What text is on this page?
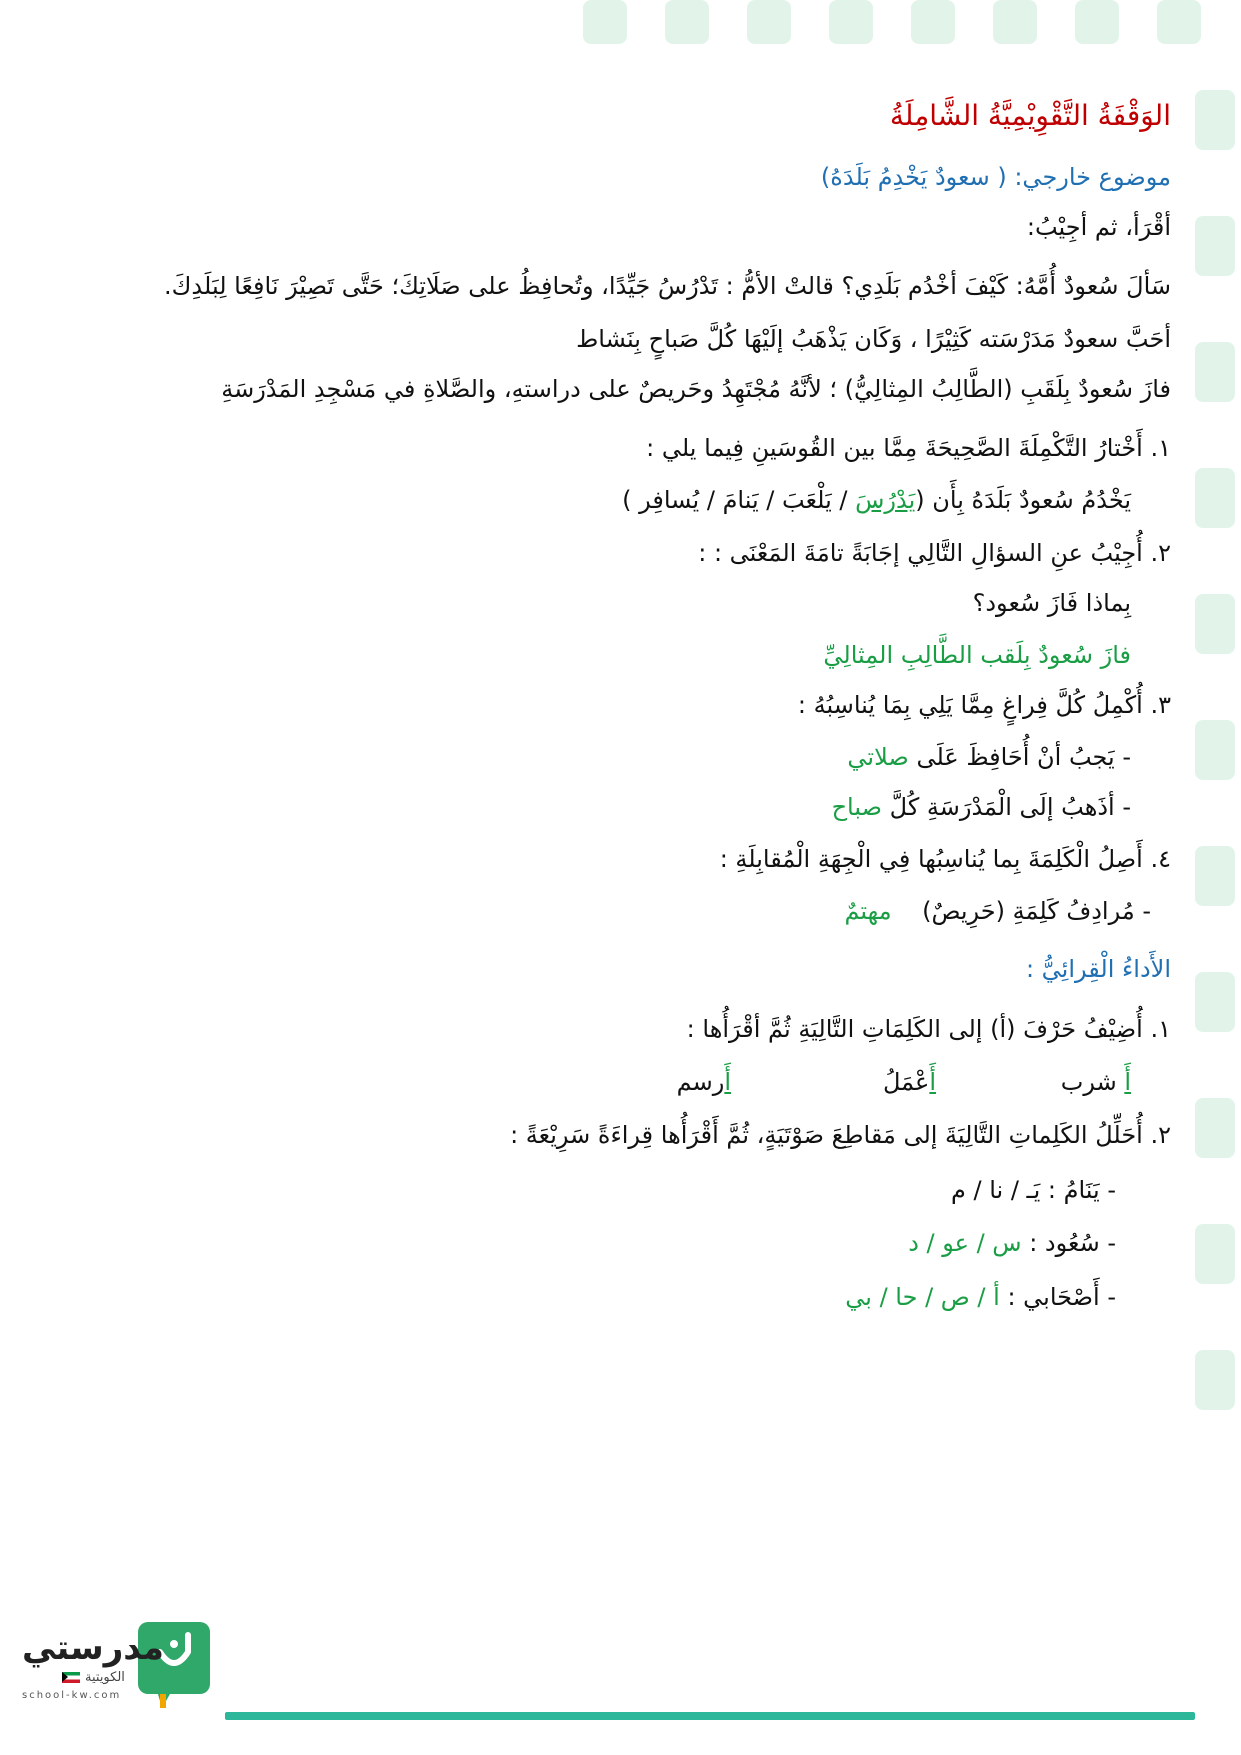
الوَقْفَةُ التَّقْوِيْمِيَّةُ الشَّامِلَةُ
موضوع خارجي: ( سعودٌ يَخْدِمُ بَلَدَهُ)
أقْرَأ، ثم أجِيْبُ:
سَألَ سُعودٌ أُمَّهُ: كَيْفَ أخْدُم بَلَدِي؟ قالتْ الأمُّ : تَدْرُسُ جَيِّدًا، وتُحافِظُ على صَلَاتِكَ؛ حَتَّى تَصِيْرَ نَافِعًا لِبَلَدِكَ.
أحَبَّ سعودٌ مَدَرْسَته كَثِيْرًا ، وَكَان يَذْهَبُ إلَيْهَا كُلَّ صَباحٍ بِنَشاط
فازَ سُعودٌ بِلَقَبِ (الطَّالِبُ المِثالِيُّ) ؛ لأنَّهُ مُجْتَهِدُ وحَريصٌ على دراستهِ، والصَّلاةِ في مَسْجِدِ المَدْرَسَةِ
١. أَخْتارُ التَّكْمِلَةَ الصَّحِيحَةَ مِمَّا بين القُوسَينِ فِيما يلي :
يَخْدُمُ سُعودٌ بَلَدَهُ بِأَن (يَدْرُسَ / يَلْعَبَ / يَنامَ / يُسافِر )
٢. أُجِيْبُ عنِ السؤالِ التَّالِي إجَابَةً تامَةَ المَعْنَى : :
بِماذا فَازَ سُعود؟
فازَ سُعودٌ بِلَقب الطَّالِبِ المِثالِيِّ
٣. أُكْمِلُ كُلَّ فِراغٍ مِمَّا يَلِي بِمَا يُناسِبُهُ :
- يَجبُ أنْ أُحَافِظَ عَلَى صلاتي
- أذَهبُ إلَى الْمَدْرَسَةِ كُلَّ صباح
٤. أَصِلُ الْكَلِمَةَ بِما يُناسِبُها فِي الْجِهَةِ الْمُقابِلَةِ :
- مُرادِفُ كَلِمَةِ (حَرِيصٌ)    مهتمٌ
الأَداءُ الْقِرائِيُّ :
١. أُضِيْفُ حَرْفَ (أ) إلى الكَلِمَاتِ التَّالِيَةِ ثُمَّ أقْرَأُها :
أَ شرب
أَعْمَلُ
أَرسم
٢. أُحَلِّلُ الكَلِماتِ التَّالِيَةَ إلى مَقاطِعَ صَوْتَيَةٍ، ثُمَّ أَقْرَأُها قِراءَةً سَرِيْعَةً :
- يَنَامُ : يَـ / نا / م
- سُعُود : س / عو / د
- أَصْحَابي : أ / ص / حا / بي
مدرستي
الكويتية
school-kw.com
